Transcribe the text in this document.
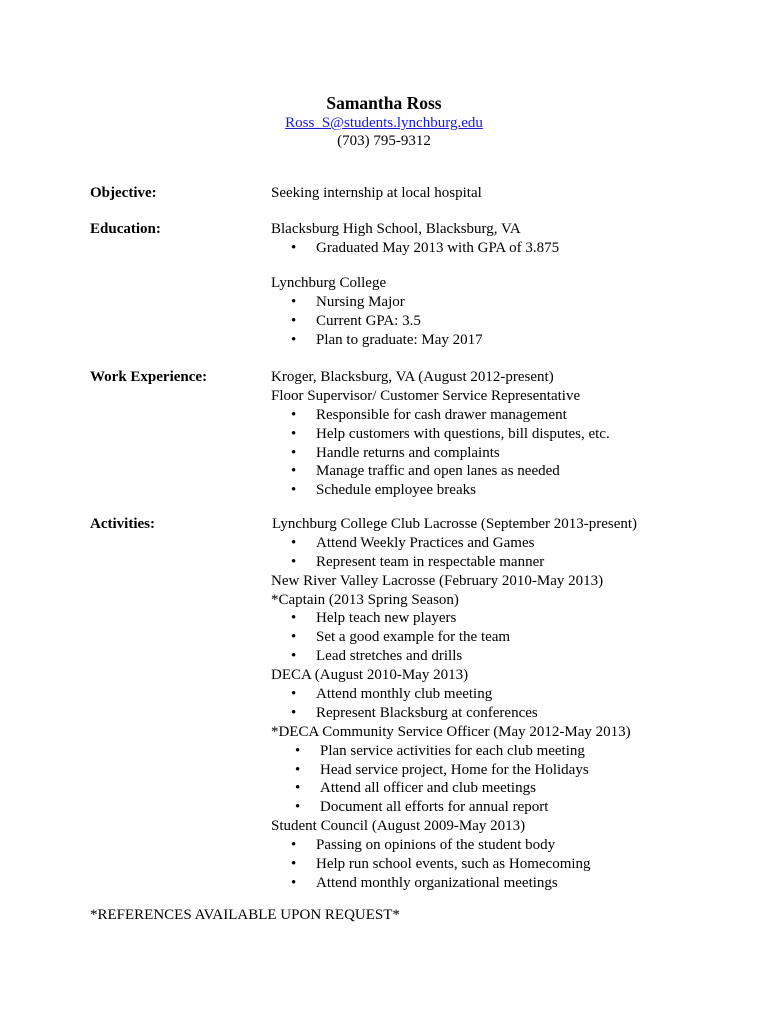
Samantha Ross
Ross_S@students.lynchburg.edu
(703) 795-9312
Objective:	Seeking internship at local hospital
Education:	Blacksburg High School, Blacksburg, VA
• Graduated May 2013 with GPA of 3.875
Lynchburg College
• Nursing Major
• Current GPA: 3.5
• Plan to graduate: May 2017
Work Experience:	Kroger, Blacksburg, VA (August 2012-present)
Floor Supervisor/ Customer Service Representative
• Responsible for cash drawer management
• Help customers with questions, bill disputes, etc.
• Handle returns and complaints
• Manage traffic and open lanes as needed
• Schedule employee breaks
Activities:	Lynchburg College Club Lacrosse (September 2013-present)
• Attend Weekly Practices and Games
• Represent team in respectable manner
New River Valley Lacrosse (February 2010-May 2013)
*Captain (2013 Spring Season)
• Help teach new players
• Set a good example for the team
• Lead stretches and drills
DECA (August 2010-May 2013)
• Attend monthly club meeting
• Represent Blacksburg at conferences
*DECA Community Service Officer (May 2012-May 2013)
• Plan service activities for each club meeting
• Head service project, Home for the Holidays
• Attend all officer and club meetings
• Document all efforts for annual report
Student Council (August 2009-May 2013)
• Passing on opinions of the student body
• Help run school events, such as Homecoming
• Attend monthly organizational meetings
*REFERENCES AVAILABLE UPON REQUEST*
